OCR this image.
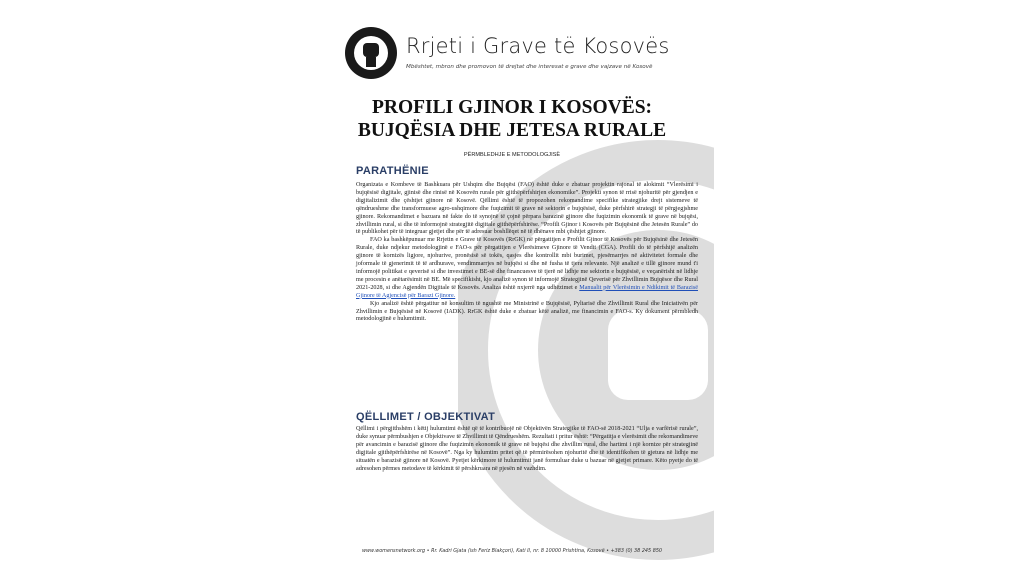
Rrjeti i Grave të Kosovës
Mbështet, mbron dhe promovon të drejtat dhe interesat e grave dhe vajzave në Kosovë
PROFILI GJINOR I KOSOVËS:
BUJQËSIA DHE JETESA RURALE
PËRMBLEDHJE E METODOLOGJISË
PARATHËNIE

Organizata e Kombeve të Bashkuara për Ushqim dhe Bujqësi (FAO) është duke e zbatuar projektin rajonal të alokimit “Vlerësimi i bujqësisë digjitale, gjinisë dhe rinisë në Kosovën rurale për gjithëpërfshirjen ekonomike”. Projekti synon të rrisë njohuritë për gjendjen e digjitalizimit dhe çështjet gjinore në Kosovë. Qëllimi është të propozohen rekomandime specifike strategjike drejt sistemeve të qëndrueshme dhe transformuese agro-ushqimore dhe fuqizimit të grave në sektorin e bujqësisë, duke përfshirë strategji të përgjegjshme gjinore. Rekomandimet e bazuara në fakte do të synojnë të çojnë përpara barazinë gjinore dhe fuqizimin ekonomik të grave në bujqësi, zhvillimin rural, si dhe të informojnë strategjitë digjitale gjithëpërfshirëse. “Profili Gjinor i Kosovës për Bujqësinë dhe Jetesën Rurale” do të publikohet për të integruar gjetjet dhe për të adresuar boshllëqet në të dhënave mbi çështjet gjinore.

FAO ka bashkëpunuar me Rrjetin e Grave të Kosovës (RrGK) në përgatitjen e Profilit Gjinor të Kosovës për Bujqësinë dhe Jetesën Rurale, duke ndjekur metodologjinë e FAO-s për përgatitjen e Vlerësimeve Gjinore të Vendit (CGA). Profili do të përfshijë analizën gjinore të kornizës ligjore, njohurive, pronësisë së tokës, qasjes dhe kontrollit mbi burimet, pjesëmarrjes në aktivitetet formale dhe joformale të gjenerimit të të ardhurave, vendimmarrjes në bujqësi si dhe në fusha të tjera relevante. Një analizë e tillë gjinore mund t'i informojë politikat e qeverisë si dhe investimet e BE-së dhe financuesve të tjerë në lidhje me sektorin e bujqësisë, e veçanërisht në lidhje me procesin e anëtarësimit në BE. Më specifikisht, kjo analizë synon të informojë Strategjinë Qeverisë për Zhvillimin Bujqësor dhe Rural 2021-2028, si dhe Agjendën Digjitale të Kosovës. Analiza është nxjerrë nga udhëzimet e Manualit për Vlerësimin e Ndikimit të Barazisë Gjinore të Agjencisë për Barazi Gjinore.

Kjo analizë është përgatitur në konsultim të ngushtë me Ministrinë e Bujqësisë, Pyltarisë dhe Zhvillimit Rural dhe Iniciativën për Zhvillimin e Bujqësisë në Kosovë (IADK). RrGK është duke e zbatuar këtë analizë, me financimin e FAO-s. Ky dokument përmbledh metodologjinë e hulumtimit.

QËLLIMET / OBJEKTIVAT

Qëllimi i përgjithshëm i këtij hulumtimi është që të kontribuojë në Objektivën Strategjike të FAO-së 2018-2021 “Ulja e varfërisë rurale”, duke synuar përmbushjen e Objektivave të Zhvillimit të Qëndrueshëm. Rezultati i pritur është: “Përgatitja e vlerësimit dhe rekomandimeve për avancimin e barazisë gjinore dhe fuqizimin ekonomik të grave në bujqësi dhe zhvillim rural, dhe hartimi i një kornize për strategjinë digjitale gjithëpërfshirëse në Kosovë”. Nga ky hulumtim pritet që të përmirësohen njohuritë dhe të identifikohen të gjetura në lidhje me situatën e barazisë gjinore në Kosovë. Pyetjet kërkimore të hulumtimit janë formuluar duke u bazuar në gjetjet primare. Këto pyetje do të adresohen përmes metodave të kërkimit të përshkruara në pjesën në vazhdim.

www.womensnetwork.org • Rr. Kadri Gjata (ish Feriz Blakçori), Kati II, nr. 8 10000 Prishtina, Kosovë • +383 (0) 38 245 850
